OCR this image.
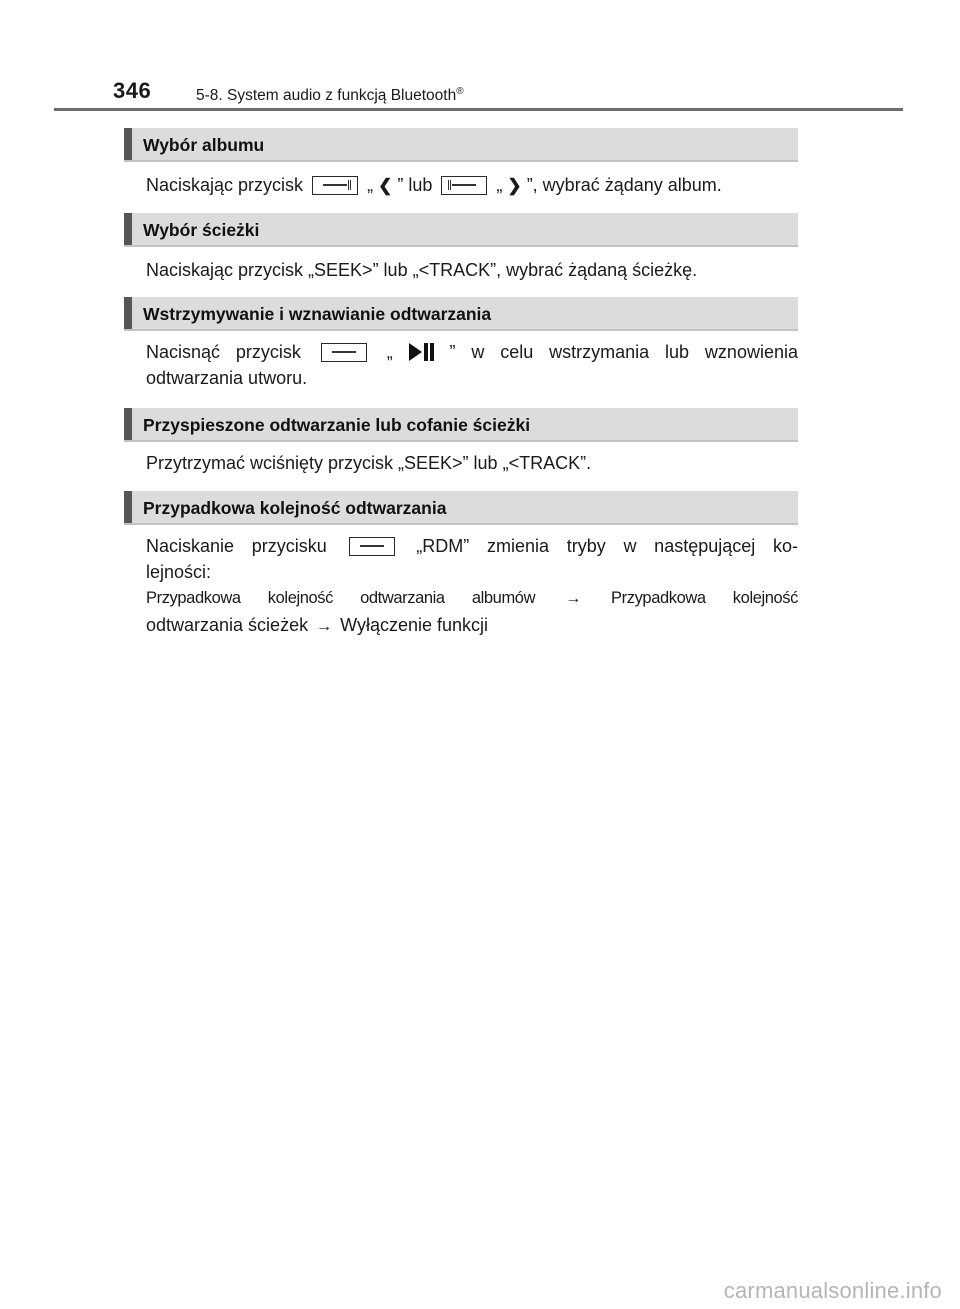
346	5-8. System audio z funkcją Bluetooth®
Wybór albumu
Naciskając przycisk	„ ❮ ” lub	„ ❯ ”, wybrać żądany album.
Wybór ścieżki
Naciskając przycisk „SEEK>” lub „<TRACK”, wybrać żądaną ścieżkę.
Wstrzymywanie i wznawianie odtwarzania
Nacisnąć przycisk	„	” w celu wstrzymania lub wznowienia
odtwarzania utworu.
Przyspieszone odtwarzanie lub cofanie ścieżki
Przytrzymać wciśnięty przycisk „SEEK>” lub „<TRACK”.
Przypadkowa kolejność odtwarzania
Naciskanie przycisku	„RDM” zmienia tryby w następującej ko-
lejności:
Przypadkowa kolejność odtwarzania albumów → Przypadkowa kolejność
odtwarzania ścieżek → Wyłączenie funkcji
carmanualsonline.info
